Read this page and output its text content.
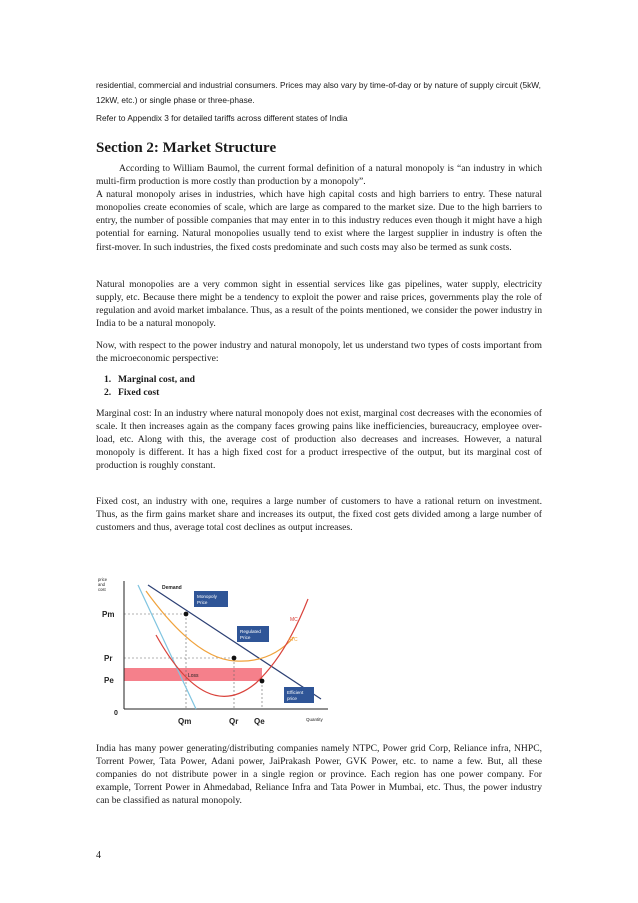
residential, commercial and industrial consumers. Prices may also vary by time-of-day or by nature of supply circuit (5kW, 12kW, etc.) or single phase or three-phase.
Refer to Appendix 3 for detailed tariffs across different states of India
Section 2: Market Structure
According to William Baumol, the current formal definition of a natural monopoly is “an industry in which multi-firm production is more costly than production by a monopoly”.
A natural monopoly arises in industries, which have high capital costs and high barriers to entry. These natural monopolies create economies of scale, which are large as compared to the market size. Due to the high barriers to entry, the number of possible companies that may enter in to this industry reduces even though it might have a high potential for earning. Natural monopolies usually tend to exist where the largest supplier in industry is often the first-mover. In such industries, the fixed costs predominate and such costs may also be termed as sunk costs.
Natural monopolies are a very common sight in essential services like gas pipelines, water supply, electricity supply, etc. Because there might be a tendency to exploit the power and raise prices, governments play the role of regulation and avoid market imbalance. Thus, as a result of the points mentioned, we consider the power industry in India to be a natural monopoly.
Now, with respect to the power industry and natural monopoly, let us understand two types of costs important from the microeconomic perspective:
1. Marginal cost, and
2. Fixed cost
Marginal cost: In an industry where natural monopoly does not exist, marginal cost decreases with the economies of scale. It then increases again as the company faces growing pains like inefficiencies, bureaucracy, employee over-load, etc. Along with this, the average cost of production also decreases and increases. However, a natural monopoly is different. It has a high fixed cost for a product irrespective of the output, but its marginal cost of production is roughly constant.
Fixed cost, an industry with one, requires a large number of customers to have a rational return on investment. Thus, as the firm gains market share and increases its output, the fixed cost gets divided among a large number of customers and thus, average total cost declines as output increases.
Monopoly
Price
Regulated
Price
Efficient
price
Demand
MC
ATC
Loss
price
and
cost
Quantity
0
Pm
Pr
Pe
Qm	Qr Qe
India has many power generating/distributing companies namely NTPC, Power grid Corp, Reliance infra, NHPC, Torrent Power, Tata Power, Adani power, JaiPrakash Power, GVK Power, etc. to name a few. But, all these companies do not distribute power in a single region or province. Each region has one power company. For example, Torrent Power in Ahmedabad, Reliance Infra and Tata Power in Mumbai, etc. Thus, the power industry can be classified as natural monopoly.
4
